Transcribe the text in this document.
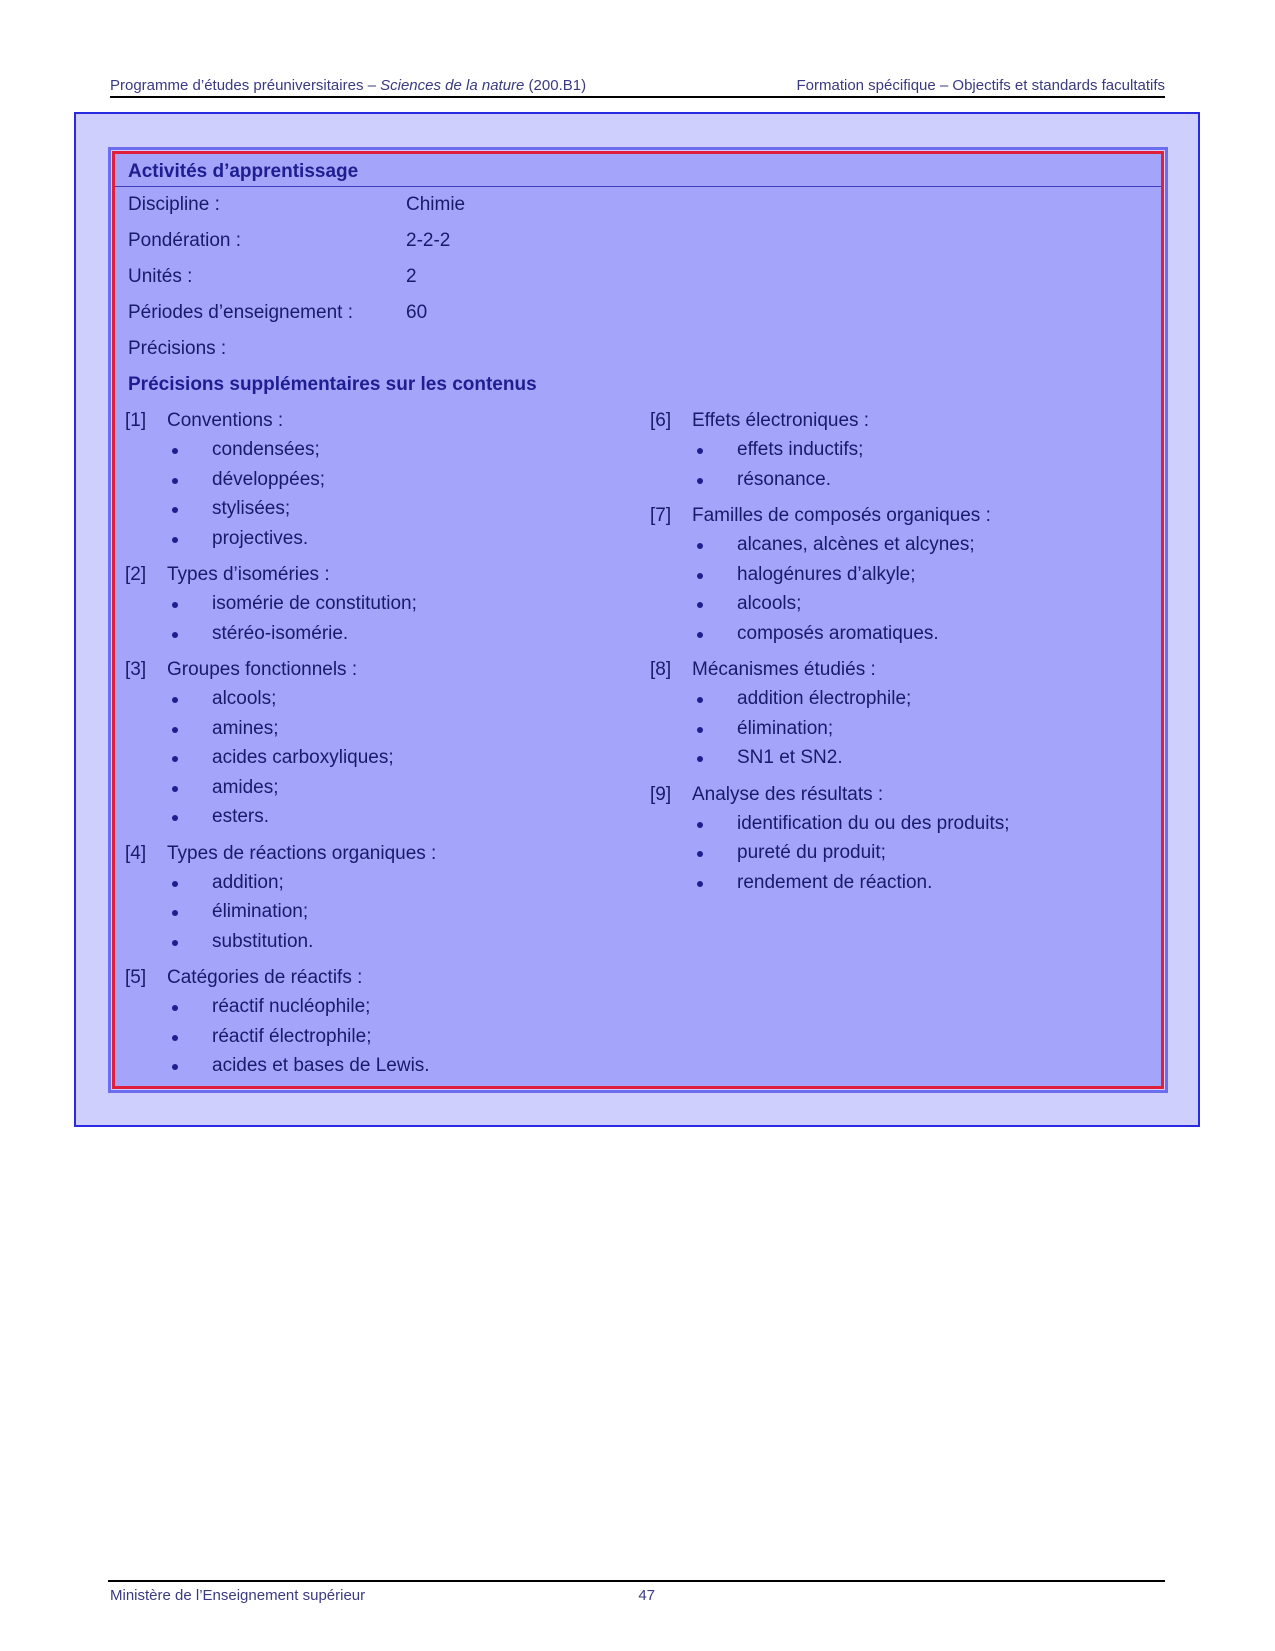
Programme d’études préuniversitaires – Sciences de la nature (200.B1)	Formation spécifique – Objectifs et standards facultatifs
Activités d’apprentissage
Discipline :	Chimie
Pondération :	2-2-2
Unités :	2
Périodes d’enseignement :	60
Précisions :
Précisions supplémentaires sur les contenus
[1] Conventions :
condensées;
développées;
stylisées;
projectives.
[2] Types d’isoméries :
isomérie de constitution;
stéréo-isomérie.
[3] Groupes fonctionnels :
alcools;
amines;
acides carboxyliques;
amides;
esters.
[4] Types de réactions organiques :
addition;
élimination;
substitution.
[5] Catégories de réactifs :
réactif nucléophile;
réactif électrophile;
acides et bases de Lewis.
[6] Effets électroniques :
effets inductifs;
résonance.
[7] Familles de composés organiques :
alcanes, alcènes et alcynes;
halogénures d’alkyle;
alcools;
composés aromatiques.
[8] Mécanismes étudiés :
addition électrophile;
élimination;
SN1 et SN2.
[9] Analyse des résultats :
identification du ou des produits;
pureté du produit;
rendement de réaction.
Ministère de l’Enseignement supérieur	47
